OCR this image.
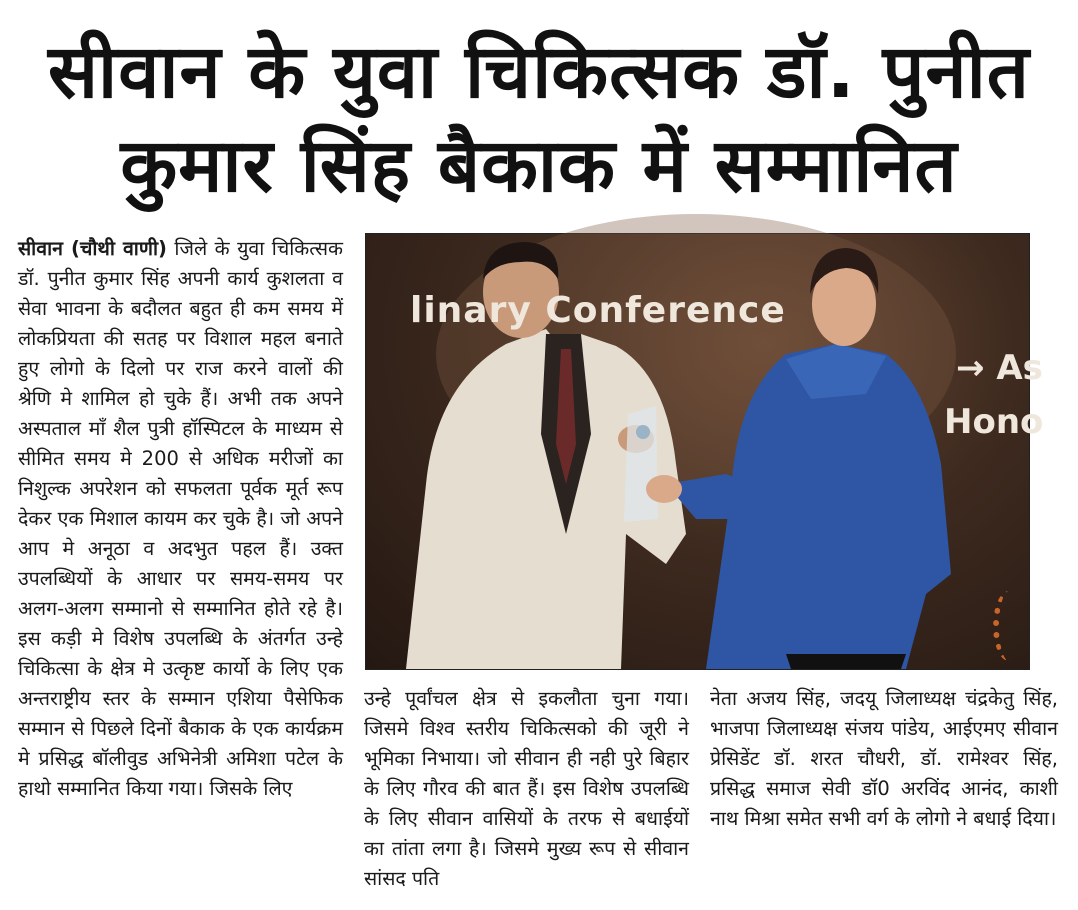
सीवान के युवा चिकित्सक डॉ. पुनीत
कुमार सिंह बैकाक में सम्मानित

सीवान (चौथी वाणी) जिले के युवा चिकित्सक डॉ. पुनीत कुमार सिंह अपनी कार्य कुशलता व सेवा भावना के बदौलत बहुत ही कम समय में लोकप्रियता की सतह पर विशाल महल बनाते हुए लोगो के दिलो पर राज करने वालों की श्रेणि मे शामिल हो चुके हैं। अभी तक अपने अस्पताल माँ शैल पुत्री हॉस्पिटल के माध्यम से सीमित समय मे 200 से अधिक मरीजों का निशुल्क अपरेशन को सफलता पूर्वक मूर्त रूप देकर एक मिशाल कायम कर चुके है। जो अपने आप मे अनूठा व अदभुत पहल हैं। उक्त उपलब्धियों के आधार पर समय-समय पर अलग-अलग सम्मानो से सम्मानित होते रहे है। इस कड़ी मे विशेष उपलब्धि के अंतर्गत उन्हे चिकित्सा के क्षेत्र मे उत्कृष्ट कार्यो के लिए एक अन्तराष्ट्रीय स्तर के सम्मान एशिया पैसेफिक सम्मान से पिछले दिनों बैकाक के एक कार्यक्रम मे प्रसिद्ध बॉलीवुड अभिनेत्री अमिशा पटेल के हाथो सम्मानित किया गया। जिसके लिए

linary Conference
→ As
Hono

उन्हे पूर्वांचल क्षेत्र से इकलौता चुना गया। जिसमे विश्व स्तरीय चिकित्सको की जूरी ने भूमिका निभाया। जो सीवान ही नही पुरे बिहार के लिए गौरव की बात हैं। इस विशेष उपलब्धि के लिए सीवान वासियों के तरफ से बधाईयों का तांता लगा है। जिसमे मुख्य रूप से सीवान सांसद पति

नेता अजय सिंह, जदयू जिलाध्यक्ष चंद्रकेतु सिंह, भाजपा जिलाध्यक्ष संजय पांडेय, आईएमए सीवान प्रेसिडेंट डॉ. शरत चौधरी, डॉ. रामेश्वर सिंह, प्रसिद्ध समाज सेवी डॉ0 अरविंद आनंद, काशी नाथ मिश्रा समेत सभी वर्ग के लोगो ने बधाई दिया।
